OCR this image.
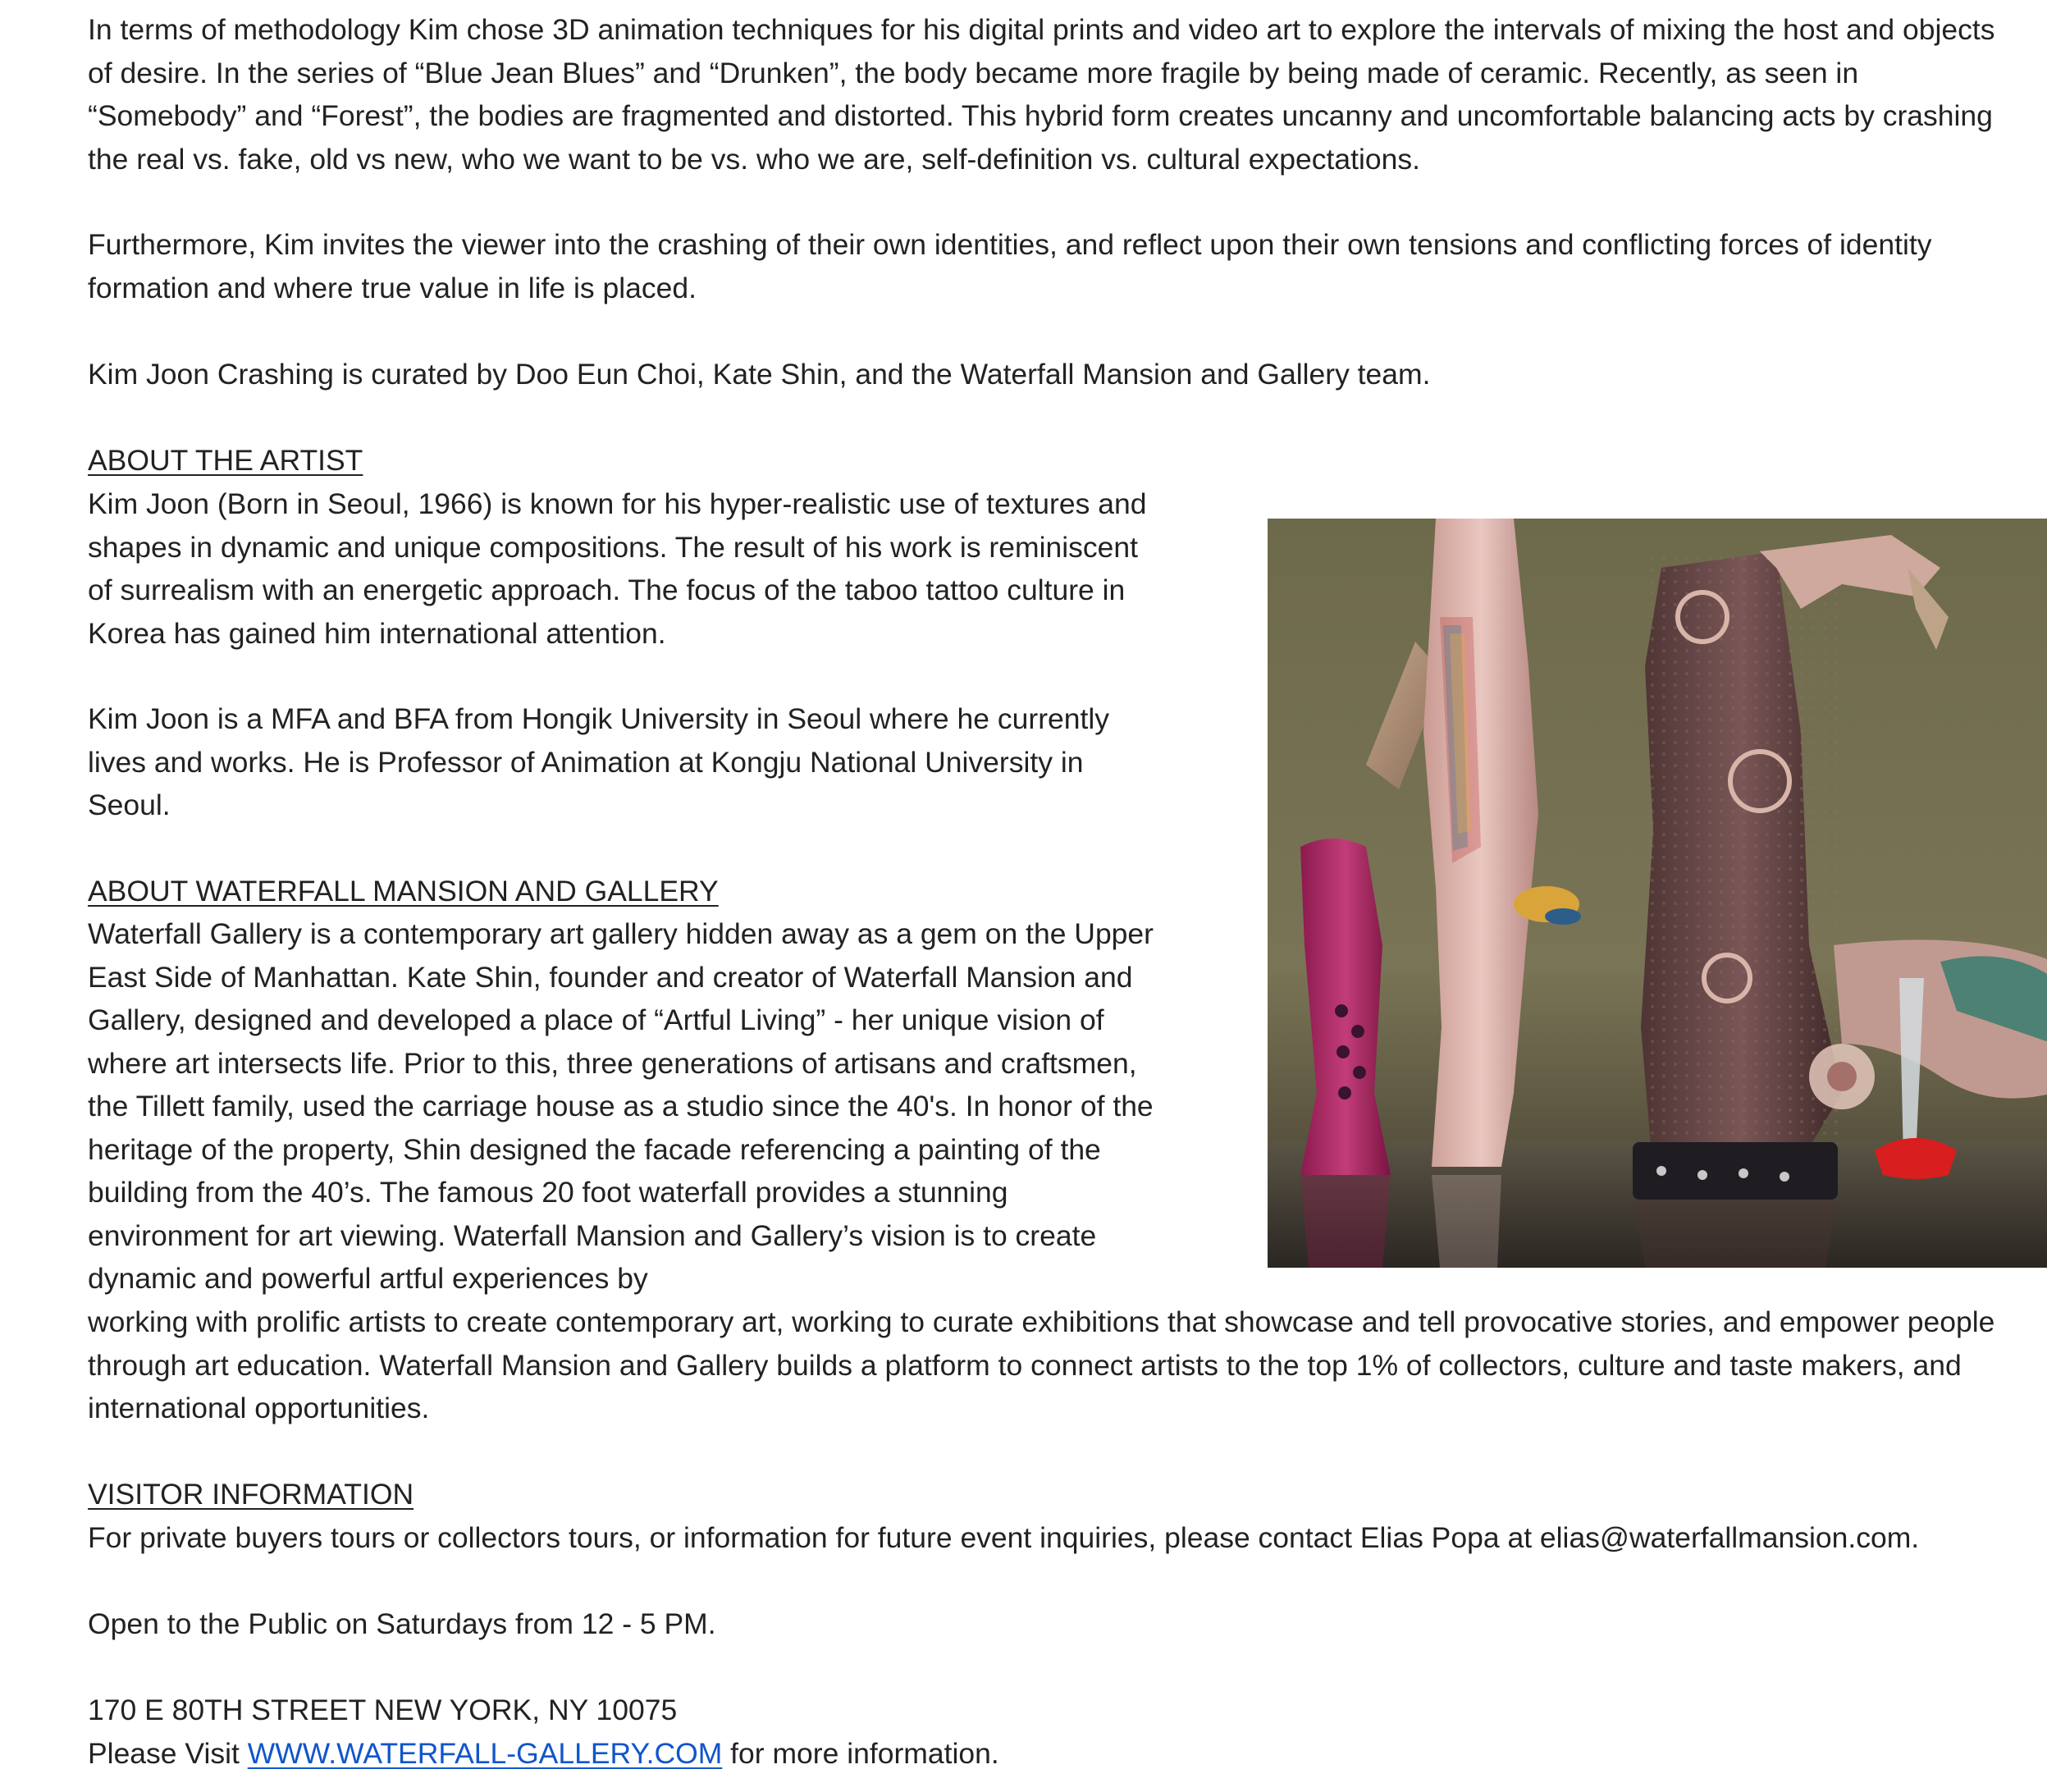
In terms of methodology Kim chose 3D animation techniques for his digital prints and video art to explore the intervals of mixing the host and objects of desire. In the series of “Blue Jean Blues” and “Drunken”, the body became more fragile by being made of ceramic. Recently, as seen in “Somebody” and “Forest”, the bodies are fragmented and distorted. This hybrid form creates uncanny and uncomfortable balancing acts by crashing the real vs. fake, old vs new, who we want to be vs. who we are, self-definition vs. cultural expectations.

Furthermore, Kim invites the viewer into the crashing of their own identities, and reflect upon their own tensions and conflicting forces of identity formation and where true value in life is placed.

Kim Joon Crashing is curated by Doo Eun Choi, Kate Shin, and the Waterfall Mansion and Gallery team.

ABOUT THE ARTIST

Kim Joon (Born in Seoul, 1966) is known for his hyper-realistic use of textures and shapes in dynamic and unique compositions. The result of his work is reminiscent of surrealism with an energetic approach. The focus of the taboo tattoo culture in Korea has gained him international attention.

Kim Joon is a MFA and BFA from Hongik University in Seoul where he currently lives and works. He is Professor of Animation at Kongju National University in Seoul.

ABOUT WATERFALL MANSION AND GALLERY

Waterfall Gallery is a contemporary art gallery hidden away as a gem on the Upper East Side of Manhattan. Kate Shin, founder and creator of Waterfall Mansion and Gallery, designed and developed a place of “Artful Living” - her unique vision of where art intersects life. Prior to this, three generations of artisans and craftsmen, the Tillett family, used the carriage house as a studio since the 40's. In honor of the heritage of the property, Shin designed the facade referencing a painting of the building from the 40’s. The famous 20 foot waterfall provides a stunning environment for art viewing. Waterfall Mansion and Gallery’s vision is to create dynamic and powerful artful experiences by

working with prolific artists to create contemporary art, working to curate exhibitions that showcase and tell provocative stories, and empower people through art education. Waterfall Mansion and Gallery builds a platform to connect artists to the top 1% of collectors, culture and taste makers, and international opportunities.

VISITOR INFORMATION

For private buyers tours or collectors tours, or information for future event inquiries, please contact Elias Popa at elias@waterfallmansion.com.

Open to the Public on Saturdays from 12 - 5 PM.

170 E 80TH STREET NEW YORK, NY 10075

Please Visit WWW.WATERFALL-GALLERY.COM for more information.
